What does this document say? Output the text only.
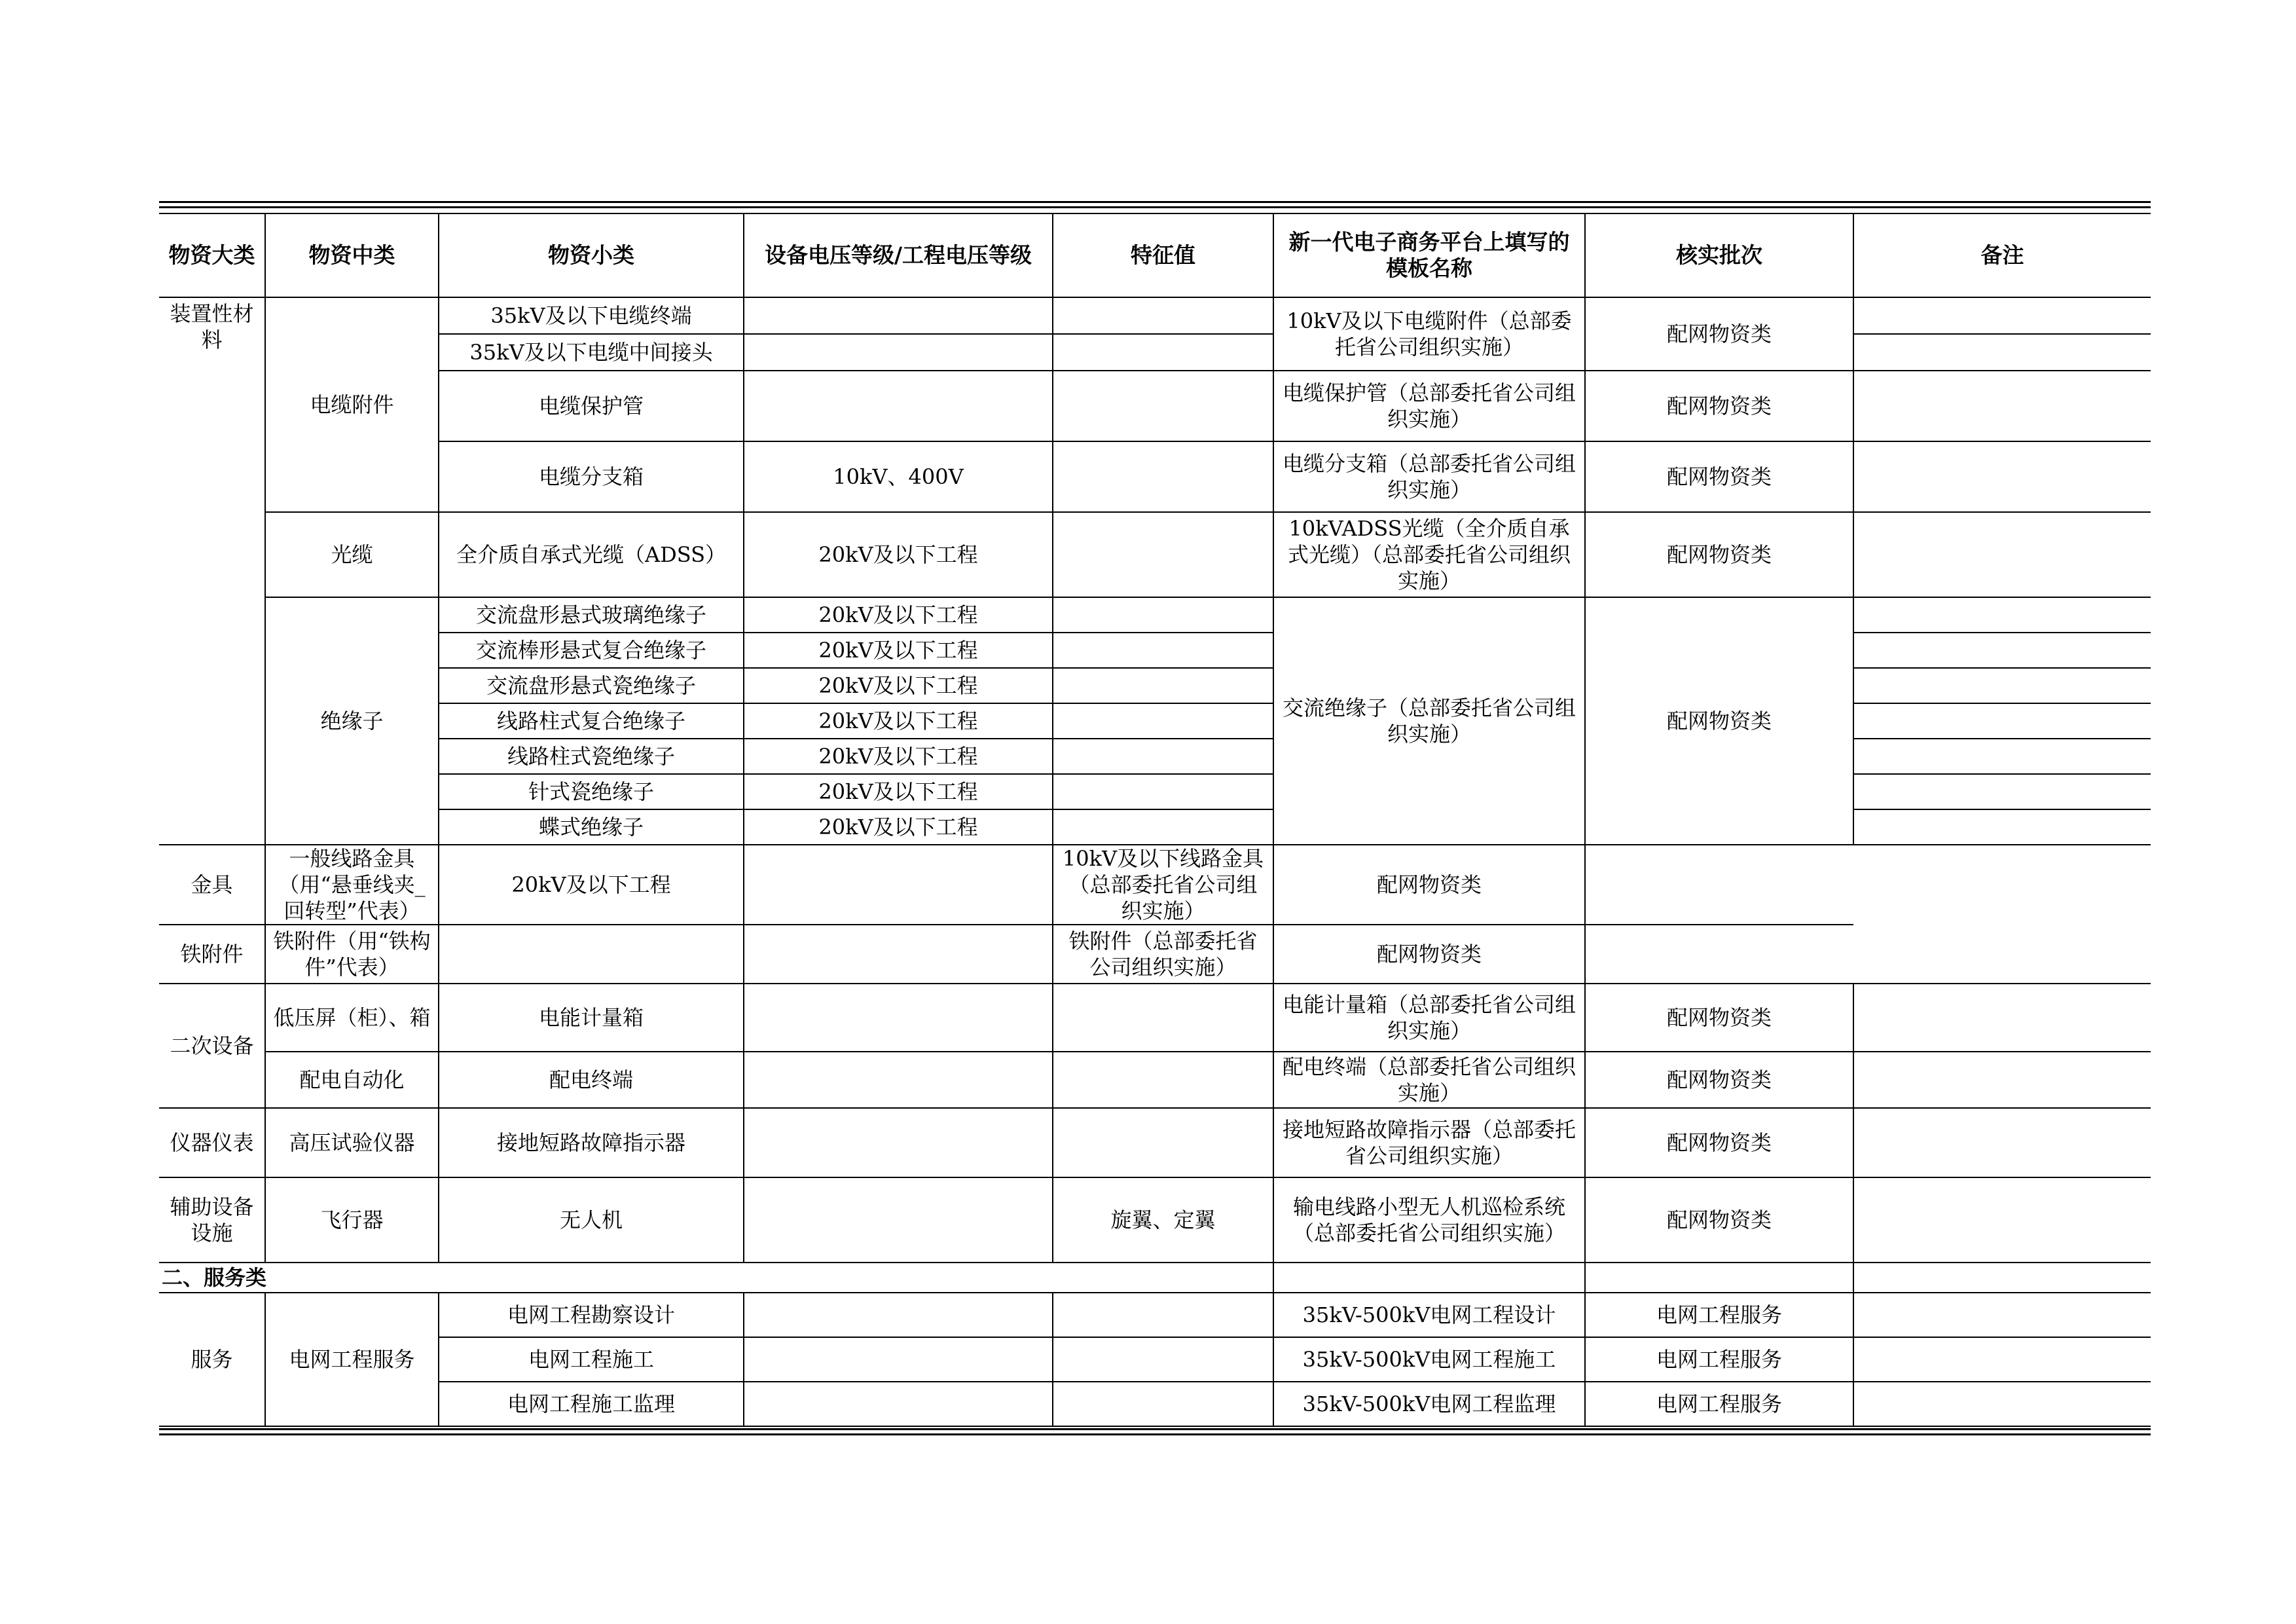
物资大类	物资中类	物资小类	设备电压等级/工程电压等级	特征值	新一代电子商务平台上填写的模板名称	核实批次	备注
装置性材料	电缆附件	35kV及以下电缆终端			10kV及以下电缆附件（总部委托省公司组织实施）	配网物资类	
		35kV及以下电缆中间接头					
		电缆保护管			电缆保护管（总部委托省公司组织实施）	配网物资类	
		电缆分支箱	10kV、400V		电缆分支箱（总部委托省公司组织实施）	配网物资类	
	光缆	全介质自承式光缆（ADSS）	20kV及以下工程		10kVADSS光缆（全介质自承式光缆）（总部委托省公司组织实施）	配网物资类	
	绝缘子	交流盘形悬式玻璃绝缘子	20kV及以下工程		交流绝缘子（总部委托省公司组织实施）	配网物资类	
		交流棒形悬式复合绝缘子	20kV及以下工程				
		交流盘形悬式瓷绝缘子	20kV及以下工程				
		线路柱式复合绝缘子	20kV及以下工程				
		线路柱式瓷绝缘子	20kV及以下工程				
		针式瓷绝缘子	20kV及以下工程				
		蝶式绝缘子	20kV及以下工程				
金具	一般线路金具（用“悬垂线夹_回转型”代表）	20kV及以下工程		10kV及以下线路金具（总部委托省公司组织实施）	配网物资类		
铁附件	铁附件（用“铁构件”代表）			铁附件（总部委托省公司组织实施）	配网物资类		
二次设备	低压屏（柜）、箱	电能计量箱			电能计量箱（总部委托省公司组织实施）	配网物资类	
	配电自动化	配电终端			配电终端（总部委托省公司组织实施）	配网物资类	
仪器仪表	高压试验仪器	接地短路故障指示器			接地短路故障指示器（总部委托省公司组织实施）	配网物资类	
辅助设备设施	飞行器	无人机		旋翼、定翼	输电线路小型无人机巡检系统（总部委托省公司组织实施）	配网物资类	
二、服务类							
服务	电网工程服务	电网工程勘察设计			35kV-500kV电网工程设计	电网工程服务	
		电网工程施工			35kV-500kV电网工程施工	电网工程服务	
		电网工程施工监理			35kV-500kV电网工程监理	电网工程服务	
